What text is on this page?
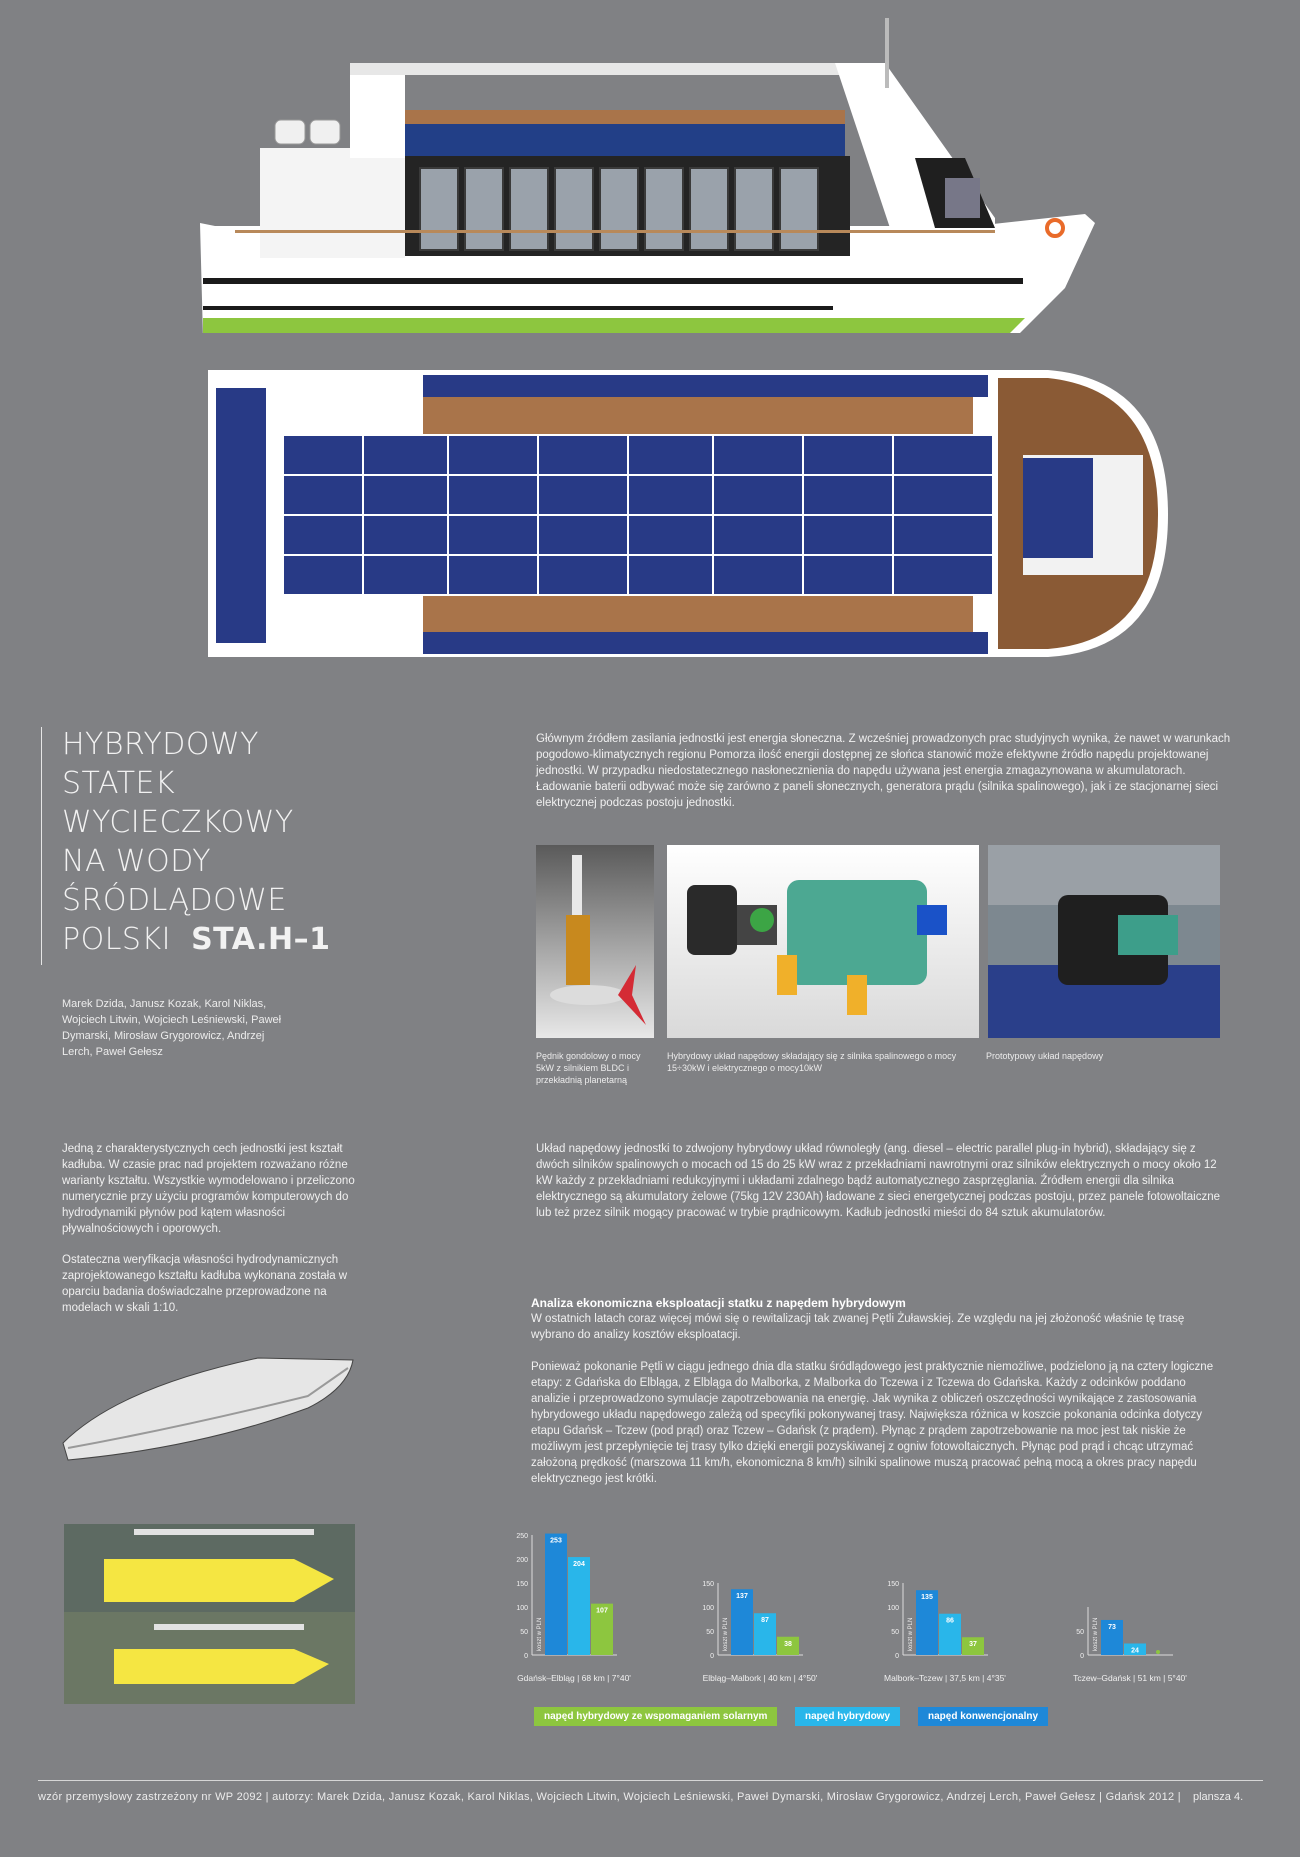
HYBRYDOWY
STATEK
WYCIECZKOWY
NA WODY
ŚRÓDLĄDOWE
POLSKI STA.H–1
Marek Dzida, Janusz Kozak, Karol Niklas, Wojciech Litwin, Wojciech Leśniewski, Paweł Dymarski, Mirosław Grygorowicz, Andrzej Lerch, Paweł Gełesz
Głównym źródłem zasilania jednostki jest energia słoneczna. Z wcześniej prowadzonych prac studyjnych wynika, że nawet w warunkach pogodowo-klimatycznych regionu Pomorza ilość energii dostępnej ze słońca stanowić może efektywne źródło napędu projektowanej jednostki. W przypadku niedostatecznego nasłonecznienia do napędu używana jest energia zmagazynowana w akumulatorach. Ładowanie baterii odbywać może się zarówno z paneli słonecznych, generatora prądu (silnika spalinowego), jak i ze stacjonarnej sieci elektrycznej podczas postoju jednostki.
Pędnik gondolowy o mocy 5kW z silnikiem BLDC i przekładnią planetarną
Hybrydowy układ napędowy składający się z silnika spalinowego o mocy 15÷30kW i elektrycznego o mocy10kW
Prototypowy układ napędowy
Jedną z charakterystycznych cech jednostki jest kształt kadłuba. W czasie prac nad projektem rozważano różne warianty kształtu. Wszystkie wymodelowano i przeliczono numerycznie przy użyciu programów komputerowych do hydrodynamiki płynów pod kątem własności pływalnościowych i oporowych.
Ostateczna weryfikacja własności hydrodynamicznych zaprojektowanego kształtu kadłuba wykonana została w oparciu badania doświadczalne przeprowadzone na modelach w skali 1:10.
Układ napędowy jednostki to zdwojony hybrydowy układ równoległy (ang. diesel – electric parallel plug-in hybrid), składający się z dwóch silników spalinowych o mocach od 15 do 25 kW wraz z przekładniami nawrotnymi oraz silników elektrycznych o mocy około 12 kW każdy z przekładniami redukcyjnymi i układami zdalnego bądź automatycznego zasprzęglania. Źródłem energii dla silnika elektrycznego są akumulatory żelowe (75kg 12V 230Ah) ładowane z sieci energetycznej podczas postoju, przez panele fotowoltaiczne lub też przez silnik mogący pracować w trybie prądnicowym. Kadłub jednostki mieści do 84 sztuk akumulatorów.
Analiza ekonomiczna eksploatacji statku z napędem hybrydowym
W ostatnich latach coraz więcej mówi się o rewitalizacji tak zwanej Pętli Żuławskiej. Ze względu na jej złożoność właśnie tę trasę wybrano do analizy kosztów eksploatacji.
Ponieważ pokonanie Pętli w ciągu jednego dnia dla statku śródlądowego jest praktycznie niemożliwe, podzielono ją na cztery logiczne etapy: z Gdańska do Elbląga, z Elbląga do Malborka, z Malborka do Tczewa i z Tczewa do Gdańska. Każdy z odcinków poddano analizie i przeprowadzono symulacje zapotrzebowania na energię. Jak wynika z obliczeń oszczędności wynikające z zastosowania hybrydowego układu napędowego zależą od specyfiki pokonywanej trasy. Największa różnica w koszcie pokonania odcinka dotyczy etapu Gdańsk – Tczew (pod prąd) oraz Tczew – Gdańsk (z prądem). Płynąc z prądem zapotrzebowanie na moc jest tak niskie że możliwym jest przepłynięcie tej trasy tylko dzięki energii pozyskiwanej z ogniw fotowoltaicznych. Płynąc pod prąd i chcąc utrzymać założoną prędkość (marszowa 11 km/h, ekonomiczna 8 km/h) silniki spalinowe muszą pracować pełną mocą a okres pracy napędu elektrycznego jest krótki.
0
50
100
150
200
250
koszt w PLN
253
204
107
Gdańsk–Elbląg | 68 km | 7°40'
0
50
100
150
koszt w PLN
137
87
38
Elbląg–Malbork | 40 km | 4°50'
0
50
100
150
koszt w PLN
135
86
37
Malbork–Tczew | 37,5 km | 4°35'
0
50 koszt w PLN 73
24
Tczew–Gdańsk | 51 km | 5°40'
napęd hybrydowy ze wspomaganiem solarnym	napęd hybrydowy	napęd konwencjonalny
wzór przemysłowy zastrzeżony nr WP 2092 | autorzy: Marek Dzida, Janusz Kozak, Karol Niklas, Wojciech Litwin, Wojciech Leśniewski, Paweł Dymarski, Mirosław Grygorowicz, Andrzej Lerch, Paweł Gełesz | Gdańsk 2012 | plansza 4.
